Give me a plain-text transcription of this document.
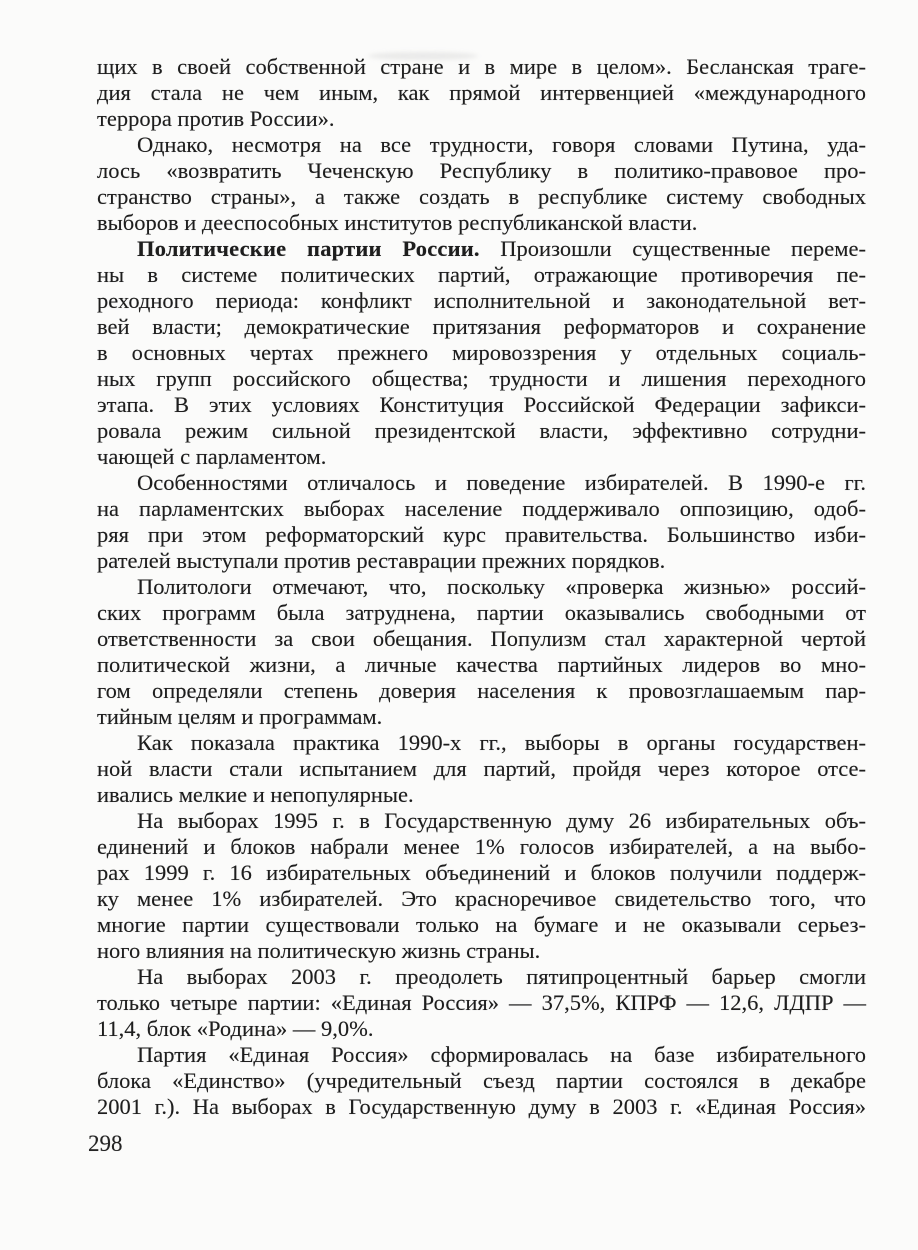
щих в своей собственной стране и в мире в целом». Бесланская траге-
дия стала не чем иным, как прямой интервенцией «международного
террора против России».
Однако, несмотря на все трудности, говоря словами Путина, уда-
лось «возвратить Чеченскую Республику в политико-правовое про-
странство страны», а также создать в республике систему свободных
выборов и дееспособных институтов республиканской власти.
Политические партии России. Произошли существенные переме-
ны в системе политических партий, отражающие противоречия пе-
реходного периода: конфликт исполнительной и законодательной вет-
вей власти; демократические притязания реформаторов и сохранение
в основных чертах прежнего мировоззрения у отдельных социаль-
ных групп российского общества; трудности и лишения переходного
этапа. В этих условиях Конституция Российской Федерации зафикси-
ровала режим сильной президентской власти, эффективно сотрудни-
чающей с парламентом.
Особенностями отличалось и поведение избирателей. В 1990-е гг.
на парламентских выборах население поддерживало оппозицию, одоб-
ряя при этом реформаторский курс правительства. Большинство изби-
рателей выступали против реставрации прежних порядков.
Политологи отмечают, что, поскольку «проверка жизнью» россий-
ских программ была затруднена, партии оказывались свободными от
ответственности за свои обещания. Популизм стал характерной чертой
политической жизни, а личные качества партийных лидеров во мно-
гом определяли степень доверия населения к провозглашаемым пар-
тийным целям и программам.
Как показала практика 1990-х гг., выборы в органы государствен-
ной власти стали испытанием для партий, пройдя через которое отсе-
ивались мелкие и непопулярные.
На выборах 1995 г. в Государственную думу 26 избирательных объ-
единений и блоков набрали менее 1% голосов избирателей, а на выбо-
рах 1999 г. 16 избирательных объединений и блоков получили поддерж-
ку менее 1% избирателей. Это красноречивое свидетельство того, что
многие партии существовали только на бумаге и не оказывали серьез-
ного влияния на политическую жизнь страны.
На выборах 2003 г. преодолеть пятипроцентный барьер смогли
только четыре партии: «Единая Россия» — 37,5%, КПРФ — 12,6, ЛДПР —
11,4, блок «Родина» — 9,0%.
Партия «Единая Россия» сформировалась на базе избирательного
блока «Единство» (учредительный съезд партии состоялся в декабре
2001 г.). На выборах в Государственную думу в 2003 г. «Единая Россия»
298
